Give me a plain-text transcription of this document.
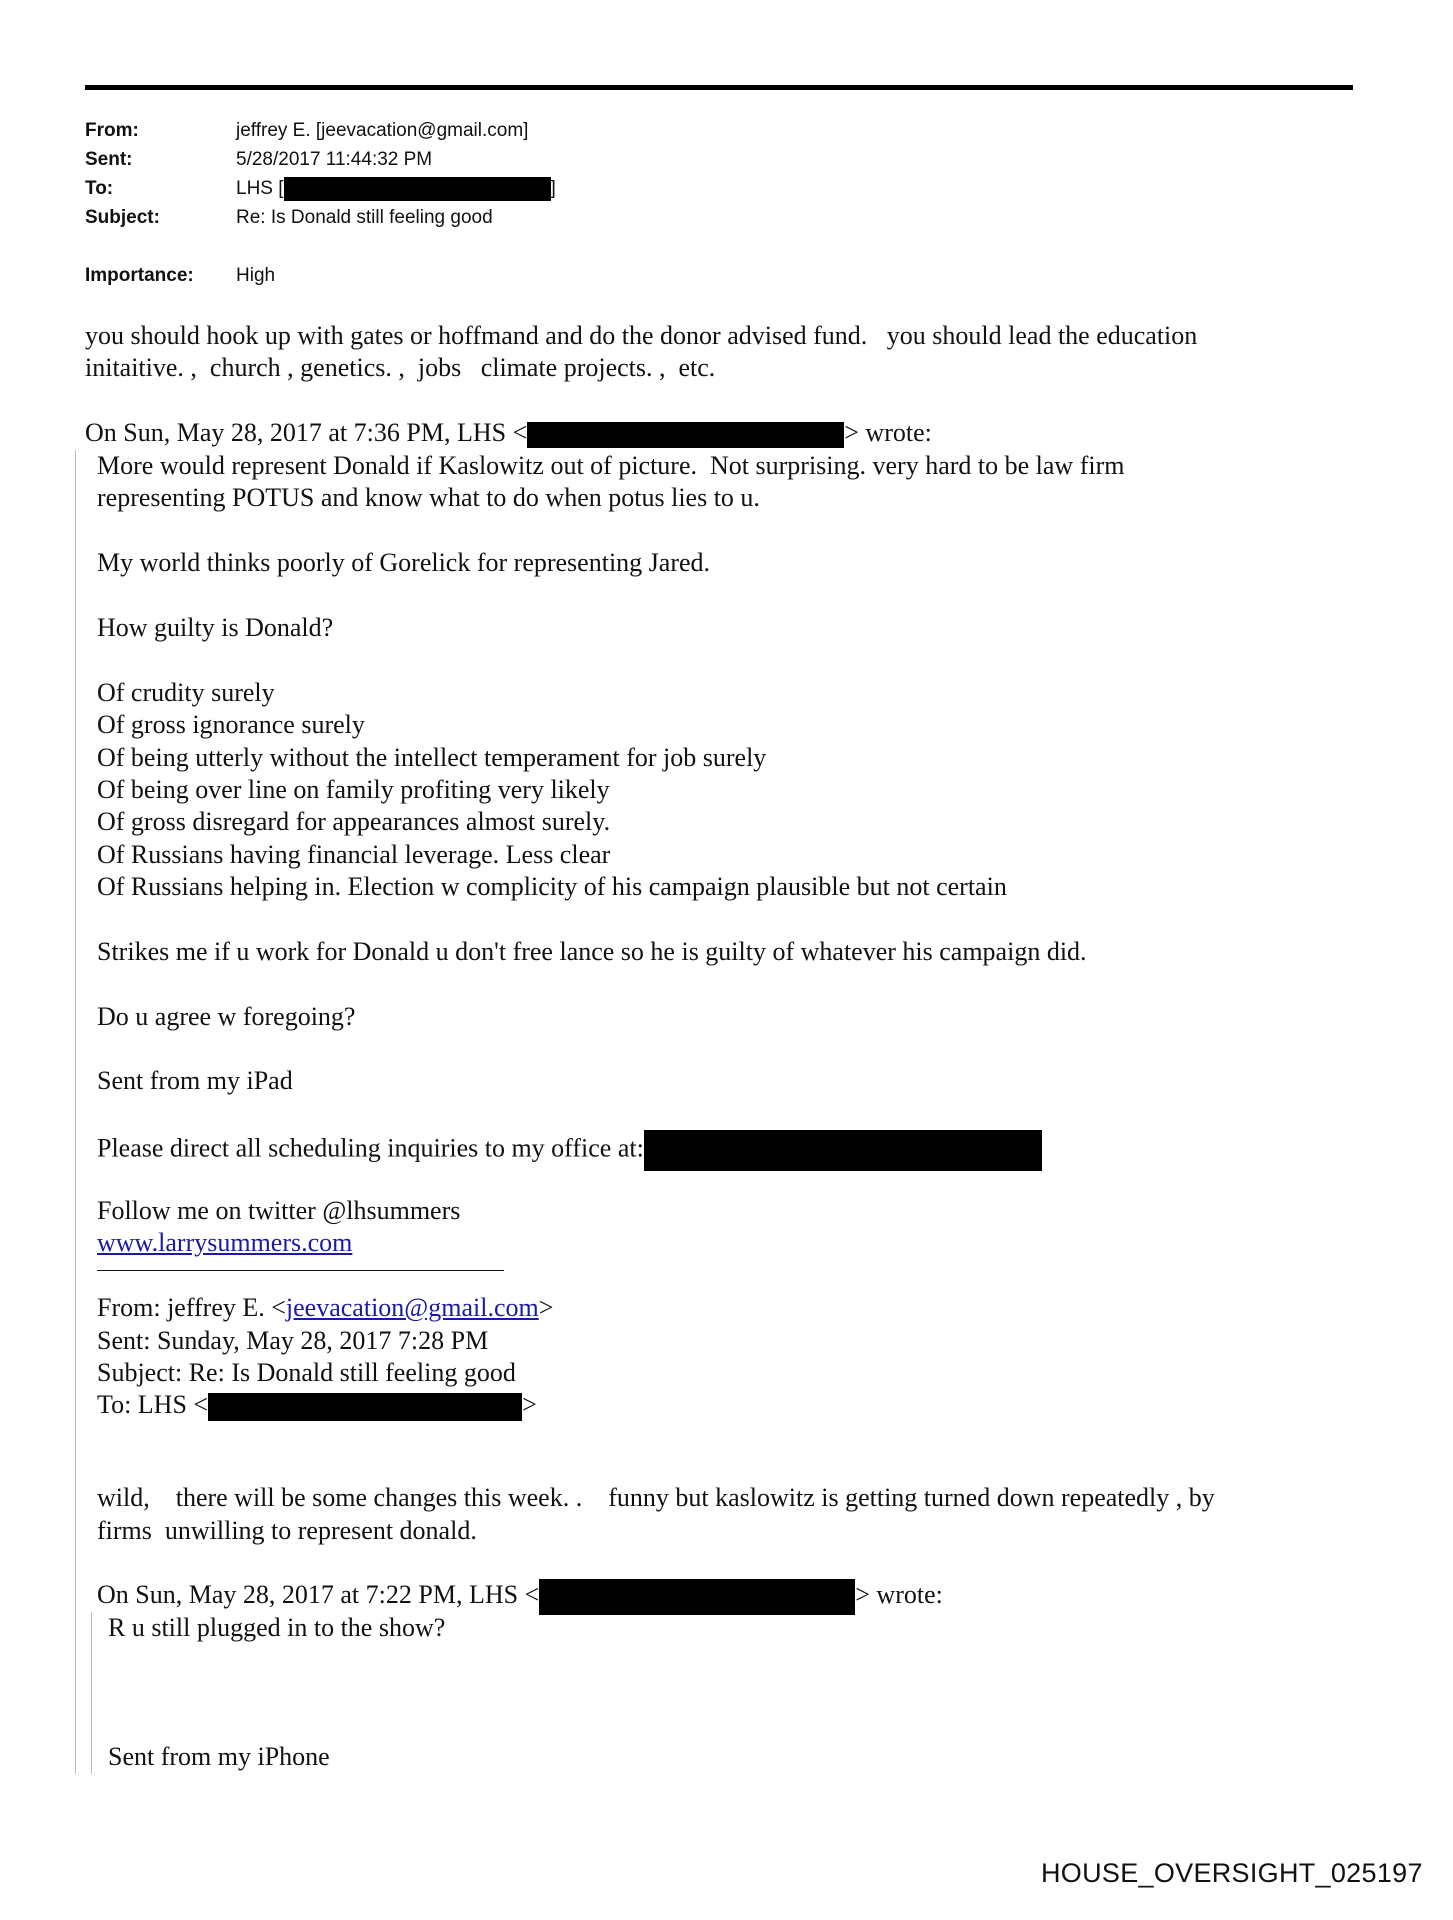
From:	jeffrey E. [jeevacation@gmail.com]
Sent:	5/28/2017 11:44:32 PM
To:	LHS [	]
Subject:	Re: Is Donald still feeling good
Importance:	High
you should hook up with gates or hoffmand and do the donor advised fund.   you should lead the education
initaitive. ,  church , genetics. ,  jobs   climate projects. ,  etc.
On Sun, May 28, 2017 at 7:36 PM, LHS <	> wrote:
More would represent Donald if Kaslowitz out of picture.  Not surprising. very hard to be law firm
representing POTUS and know what to do when potus lies to u.
My world thinks poorly of Gorelick for representing Jared.
How guilty is Donald?
Of crudity surely
Of gross ignorance surely
Of being utterly without the intellect temperament for job surely
Of being over line on family profiting very likely
Of gross disregard for appearances almost surely.
Of Russians having financial leverage. Less clear
Of Russians helping in. Election w complicity of his campaign plausible but not certain
Strikes me if u work for Donald u don't free lance so he is guilty of whatever his campaign did.
Do u agree w foregoing?
Sent from my iPad
Please direct all scheduling inquiries to my office at:
Follow me on twitter @lhsummers
www.larrysummers.com
From: jeffrey E. <jeevacation@gmail.com>
Sent: Sunday, May 28, 2017 7:28 PM
Subject: Re: Is Donald still feeling good
To: LHS <	>
wild,    there will be some changes this week. .    funny but kaslowitz is getting turned down repeatedly , by
firms  unwilling to represent donald.
On Sun, May 28, 2017 at 7:22 PM, LHS <	> wrote:
R u still plugged in to the show?
Sent from my iPhone
HOUSE_OVERSIGHT_025197
